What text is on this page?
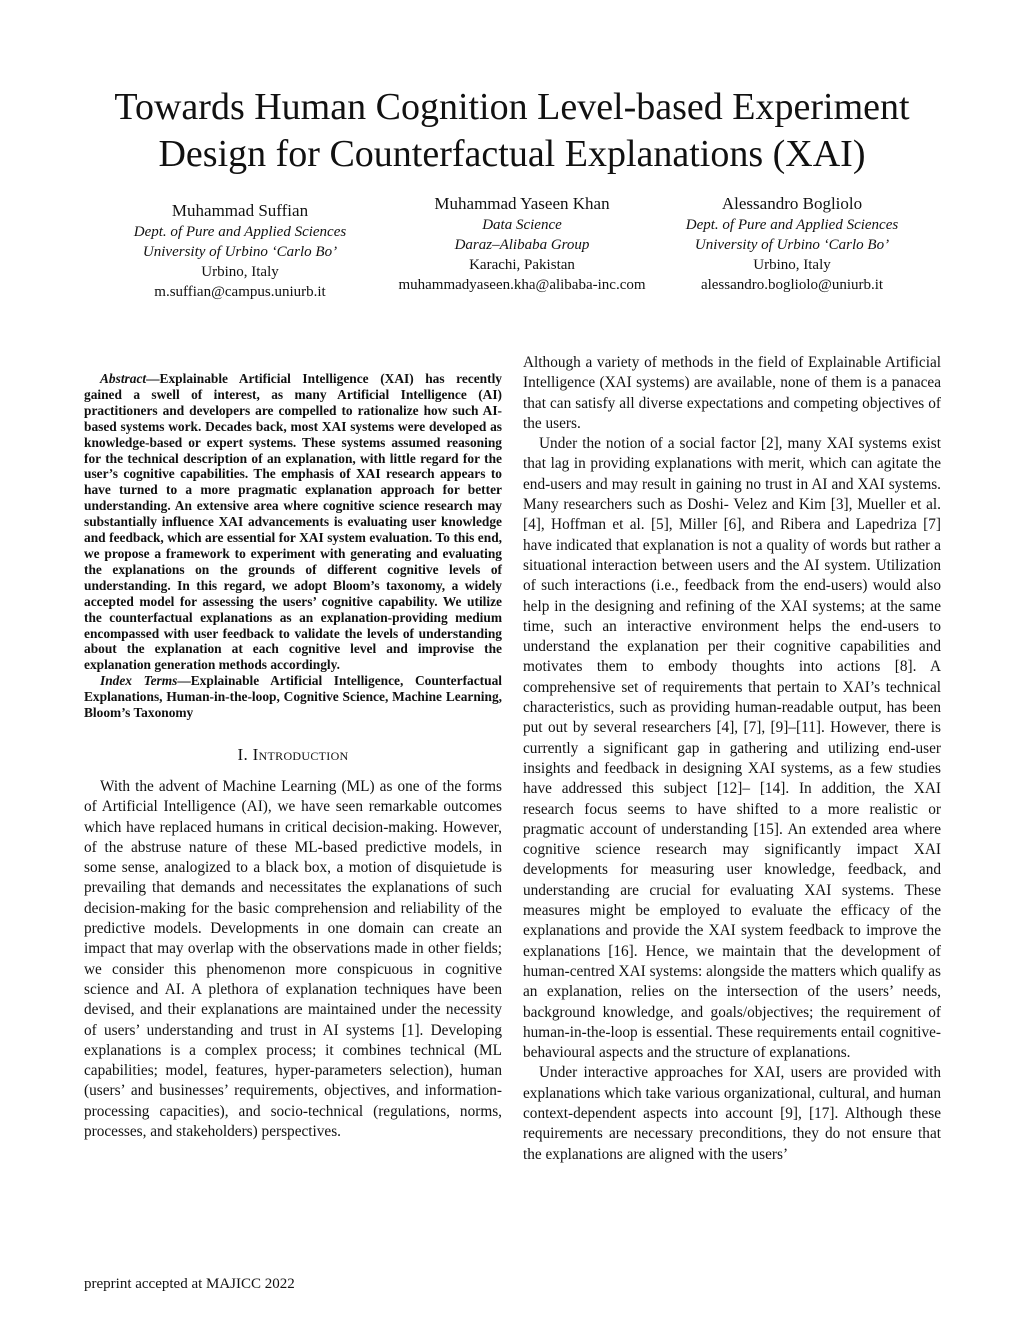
Towards Human Cognition Level-based Experiment
Design for Counterfactual Explanations (XAI)
Muhammad Suffian
Dept. of Pure and Applied Sciences
University of Urbino ‘Carlo Bo’
Urbino, Italy
m.suffian@campus.uniurb.it
Muhammad Yaseen Khan
Data Science
Daraz–Alibaba Group
Karachi, Pakistan
muhammadyaseen.kha@alibaba-inc.com
Alessandro Bogliolo
Dept. of Pure and Applied Sciences
University of Urbino ‘Carlo Bo’
Urbino, Italy
alessandro.bogliolo@uniurb.it

Abstract—Explainable Artificial Intelligence (XAI) has recently gained a swell of interest, as many Artificial Intelligence (AI) practitioners and developers are compelled to rationalize how such AI-based systems work. Decades back, most XAI systems were developed as knowledge-based or expert systems. These systems assumed reasoning for the technical description of an explanation, with little regard for the user’s cognitive capabilities. The emphasis of XAI research appears to have turned to a more pragmatic explanation approach for better understanding. An extensive area where cognitive science research may substantially influence XAI advancements is evaluating user knowledge and feedback, which are essential for XAI system evaluation. To this end, we propose a framework to experiment with generating and evaluating the explanations on the grounds of different cognitive levels of understanding. In this regard, we adopt Bloom’s taxonomy, a widely accepted model for assessing the users’ cognitive capability. We utilize the counterfactual explanations as an explanation-providing medium encompassed with user feedback to validate the levels of understanding about the explanation at each cognitive level and improvise the explanation generation methods accordingly.

Index Terms—Explainable Artificial Intelligence, Counterfactual Explanations, Human-in-the-loop, Cognitive Science, Machine Learning, Bloom’s Taxonomy

I. Introduction

With the advent of Machine Learning (ML) as one of the forms of Artificial Intelligence (AI), we have seen remarkable outcomes which have replaced humans in critical decision-making. However, of the abstruse nature of these ML-based predictive models, in some sense, analogized to a black box, a motion of disquietude is prevailing that demands and necessitates the explanations of such decision-making for the basic comprehension and reliability of the predictive models. Developments in one domain can create an impact that may overlap with the observations made in other fields; we consider this phenomenon more conspicuous in cognitive science and AI. A plethora of explanation techniques have been devised, and their explanations are maintained under the necessity of users’ understanding and trust in AI systems [1]. Developing explanations is a complex process; it combines technical (ML capabilities; model, features, hyper-parameters selection), human (users’ and businesses’ requirements, objectives, and information-processing capacities), and socio-technical (regulations, norms, processes, and stakeholders) perspectives.

Although a variety of methods in the field of Explainable Artificial Intelligence (XAI systems) are available, none of them is a panacea that can satisfy all diverse expectations and competing objectives of the users.

Under the notion of a social factor [2], many XAI systems exist that lag in providing explanations with merit, which can agitate the end-users and may result in gaining no trust in AI and XAI systems. Many researchers such as Doshi- Velez and Kim [3], Mueller et al. [4], Hoffman et al. [5], Miller [6], and Ribera and Lapedriza [7] have indicated that explanation is not a quality of words but rather a situational interaction between users and the AI system. Utilization of such interactions (i.e., feedback from the end-users) would also help in the designing and refining of the XAI systems; at the same time, such an interactive environment helps the end-users to understand the explanation per their cognitive capabilities and motivates them to embody thoughts into actions [8]. A comprehensive set of requirements that pertain to XAI’s technical characteristics, such as providing human-readable output, has been put out by several researchers [4], [7], [9]–[11]. However, there is currently a significant gap in gathering and utilizing end-user insights and feedback in designing XAI systems, as a few studies have addressed this subject [12]– [14]. In addition, the XAI research focus seems to have shifted to a more realistic or pragmatic account of understanding [15]. An extended area where cognitive science research may significantly impact XAI developments for measuring user knowledge, feedback, and understanding are crucial for evaluating XAI systems. These measures might be employed to evaluate the efficacy of the explanations and provide the XAI system feedback to improve the explanations [16]. Hence, we maintain that the development of human-centred XAI systems: alongside the matters which qualify as an explanation, relies on the intersection of the users’ needs, background knowledge, and goals/objectives; the requirement of human-in-the-loop is essential. These requirements entail cognitive-behavioural aspects and the structure of explanations.

Under interactive approaches for XAI, users are provided with explanations which take various organizational, cultural, and human context-dependent aspects into account [9], [17]. Although these requirements are necessary preconditions, they do not ensure that the explanations are aligned with the users’

preprint accepted at MAJICC 2022
